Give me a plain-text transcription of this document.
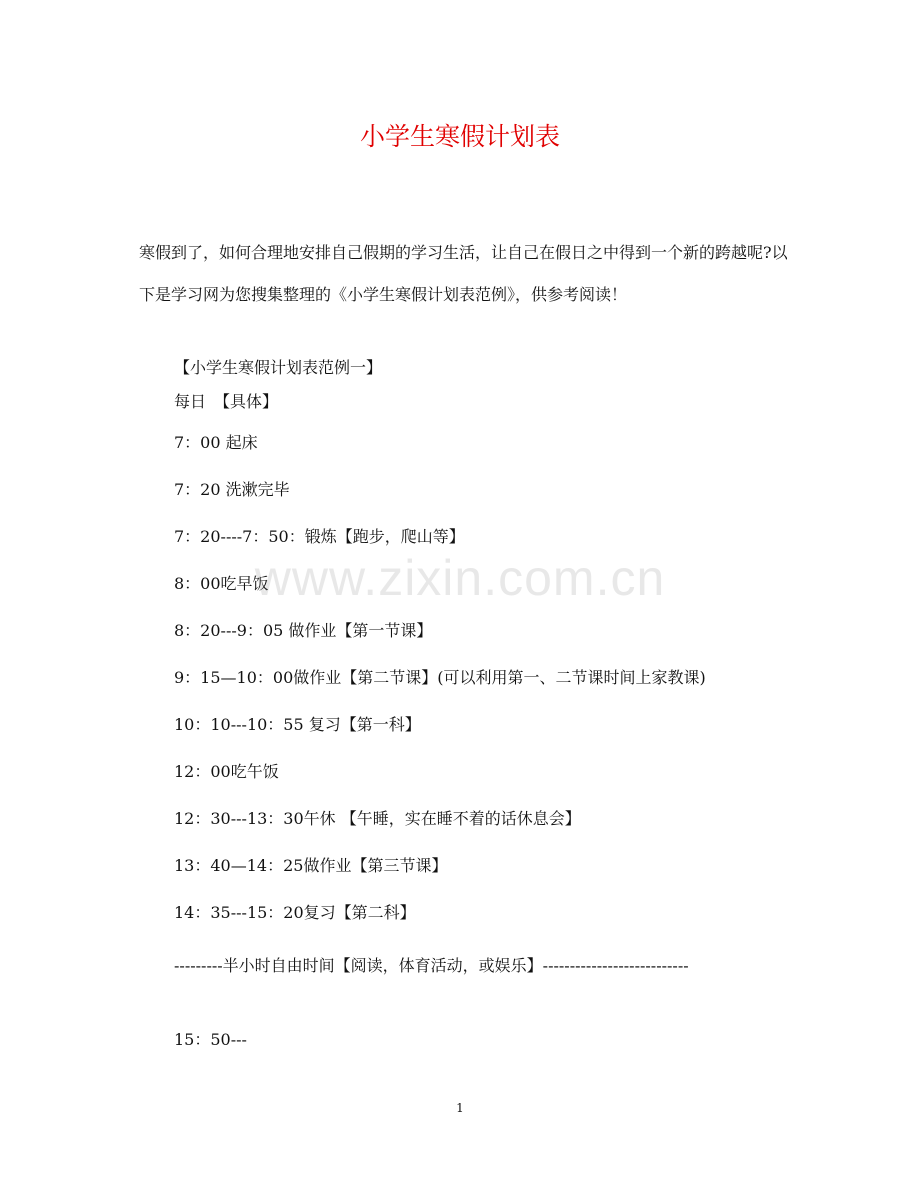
小学生寒假计划表

寒假到了，如何合理地安排自己假期的学习生活，让自己在假日之中得到一个新的跨越呢?以下是学习网为您搜集整理的《小学生寒假计划表范例》，供参考阅读！

【小学生寒假计划表范例一】

每日　【具体】

7：00 起床

7：20 洗漱完毕

7：20----7：50：锻炼【跑步，爬山等】

8：00吃早饭

8：20---9：05 做作业【第一节课】

9：15—10：00做作业【第二节课】(可以利用第一、二节课时间上家教课)

10：10---10：55 复习【第一科】

12：00吃午饭

12：30---13：30午休 【午睡，实在睡不着的话休息会】

13：40—14：25做作业【第三节课】

14：35---15：20复习【第二科】

---------半小时自由时间【阅读，体育活动，或娱乐】---------------------------

15：50---

www.zixin.com.cn
1
